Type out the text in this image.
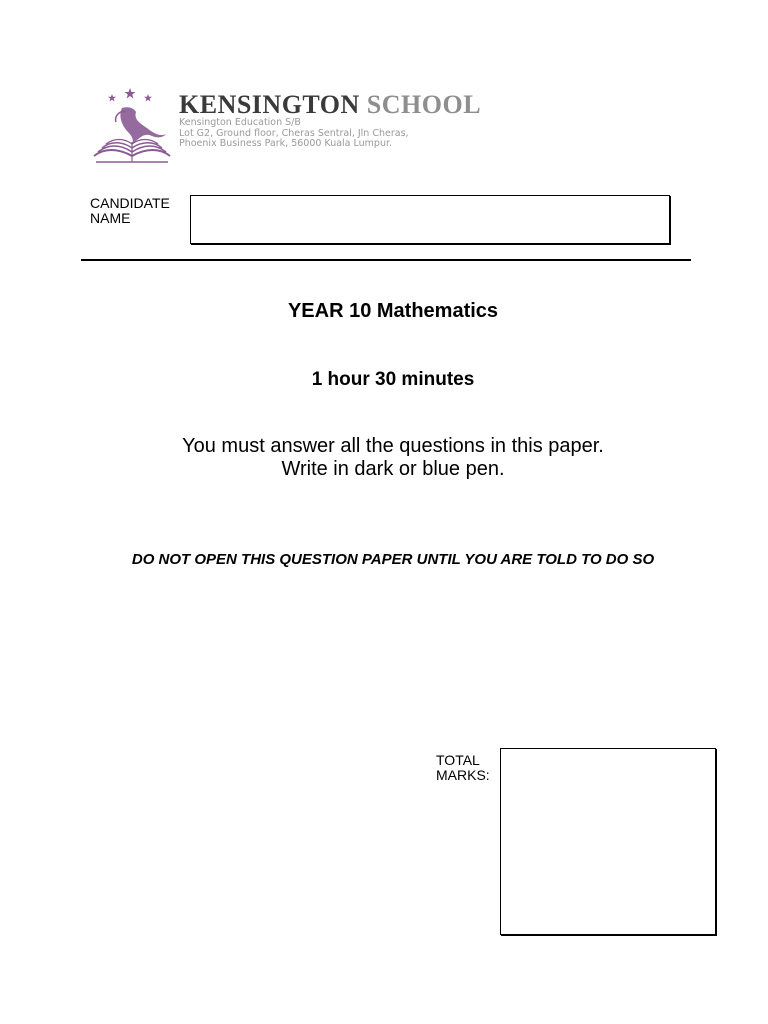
KENSINGTON SCHOOL
Kensington Education S/B
Lot G2, Ground floor, Cheras Sentral, Jln Cheras,
Phoenix Business Park, 56000 Kuala Lumpur.
CANDIDATE
NAME
YEAR 10 Mathematics
1 hour 30 minutes
You must answer all the questions in this paper.
Write in dark or blue pen.
DO NOT OPEN THIS QUESTION PAPER UNTIL YOU ARE TOLD TO DO SO
TOTAL
MARKS:
